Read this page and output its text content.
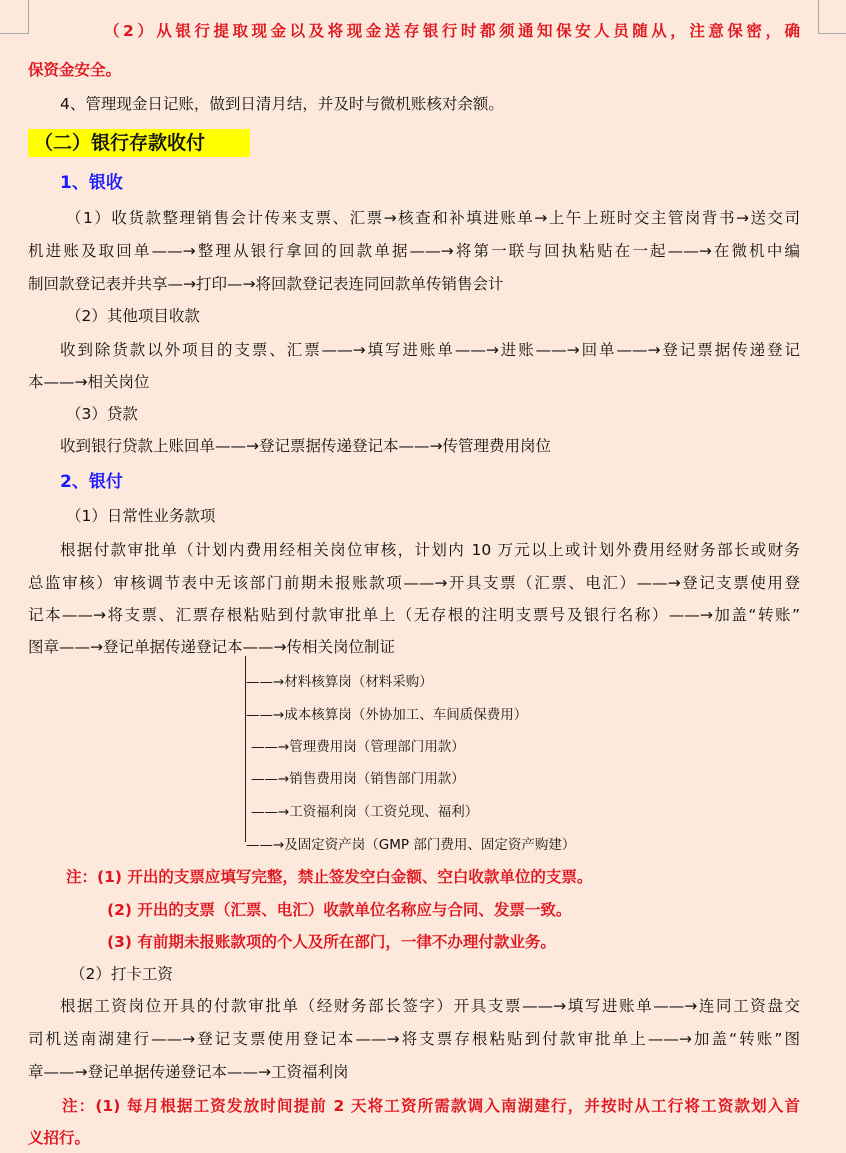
（2）从银行提取现金以及将现金送存银行时都须通知保安人员随从，注意保密，确
保资金安全。
4、管理现金日记账，做到日清月结，并及时与微机账核对余额。
（二）银行存款收付
1、银收
（1）收货款整理销售会计传来支票、汇票→核查和补填进账单→上午上班时交主管岗背书→送交司
机进账及取回单——→整理从银行拿回的回款单据——→将第一联与回执粘贴在一起——→在微机中编
制回款登记表并共享—→打印—→将回款登记表连同回款单传销售会计
（2）其他项目收款
收到除货款以外项目的支票、汇票——→填写进账单——→进账——→回单——→登记票据传递登记
本——→相关岗位
（3）贷款
收到银行贷款上账回单——→登记票据传递登记本——→传管理费用岗位
2、银付
（1）日常性业务款项
根据付款审批单（计划内费用经相关岗位审核，计划内 10 万元以上或计划外费用经财务部长或财务
总监审核）审核调节表中无该部门前期未报账款项——→开具支票（汇票、电汇）——→登记支票使用登
记本——→将支票、汇票存根粘贴到付款审批单上（无存根的注明支票号及银行名称）——→加盖“转账”
图章——→登记单据传递登记本——→传相关岗位制证
——→材料核算岗（材料采购）
——→成本核算岗（外协加工、车间质保费用）
——→管理费用岗（管理部门用款）
——→销售费用岗（销售部门用款）
——→工资福利岗（工资兑现、福利）
——→及固定资产岗（GMP 部门费用、固定资产购建）
注：(1) 开出的支票应填写完整，禁止签发空白金额、空白收款单位的支票。
(2) 开出的支票（汇票、电汇）收款单位名称应与合同、发票一致。
(3) 有前期未报账款项的个人及所在部门，一律不办理付款业务。
（2）打卡工资
根据工资岗位开具的付款审批单（经财务部长签字）开具支票——→填写进账单——→连同工资盘交
司机送南湖建行——→登记支票使用登记本——→将支票存根粘贴到付款审批单上——→加盖“转账”图
章——→登记单据传递登记本——→工资福利岗
注：(1) 每月根据工资发放时间提前 2 天将工资所需款调入南湖建行，并按时从工行将工资款划入首
义招行。
